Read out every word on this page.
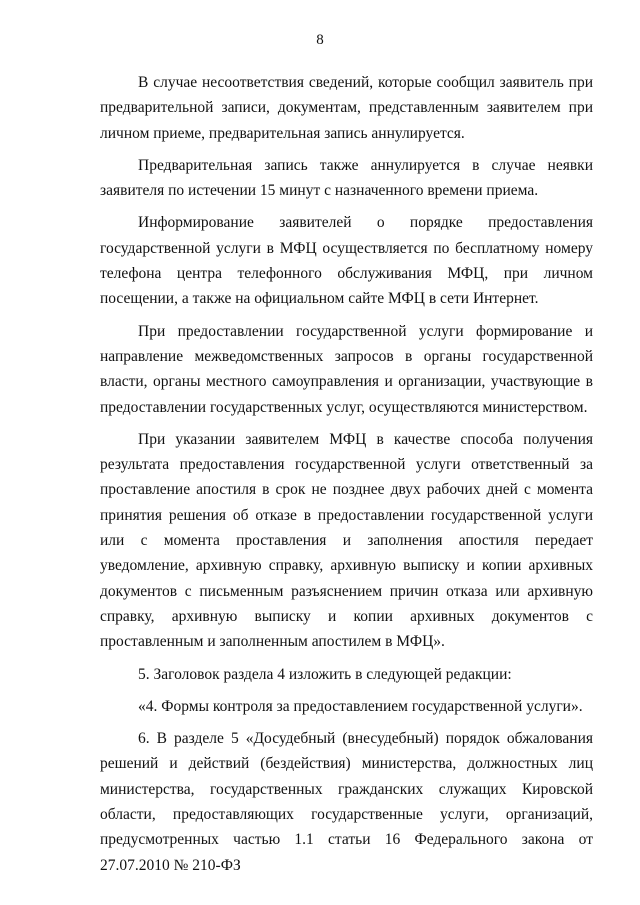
8

В случае несоответствия сведений, которые сообщил заявитель при предварительной записи, документам, представленным заявителем при личном приеме, предварительная запись аннулируется.

Предварительная запись также аннулируется в случае неявки заявителя по истечении 15 минут с назначенного времени приема.

Информирование заявителей о порядке предоставления государственной услуги в МФЦ осуществляется по бесплатному номеру телефона центра телефонного обслуживания МФЦ, при личном посещении, а также на официальном сайте МФЦ в сети Интернет.

При предоставлении государственной услуги формирование и направление межведомственных запросов в органы государственной власти, органы местного самоуправления и организации, участвующие в предоставлении государственных услуг, осуществляются министерством.

При указании заявителем МФЦ в качестве способа получения результата предоставления государственной услуги ответственный за проставление апостиля в срок не позднее двух рабочих дней с момента принятия решения об отказе в предоставлении государственной услуги или с момента проставления и заполнения апостиля передает уведомление, архивную справку, архивную выписку и копии архивных документов с письменным разъяснением причин отказа или архивную справку, архивную выписку и копии архивных документов с проставленным и заполненным апостилем в МФЦ».

5. Заголовок раздела 4 изложить в следующей редакции:

«4. Формы контроля за предоставлением государственной услуги».

6. В разделе 5 «Досудебный (внесудебный) порядок обжалования решений и действий (бездействия) министерства, должностных лиц министерства, государственных гражданских служащих Кировской области, предоставляющих государственные услуги, организаций, предусмотренных частью 1.1 статьи 16 Федерального закона от 27.07.2010 № 210-ФЗ
